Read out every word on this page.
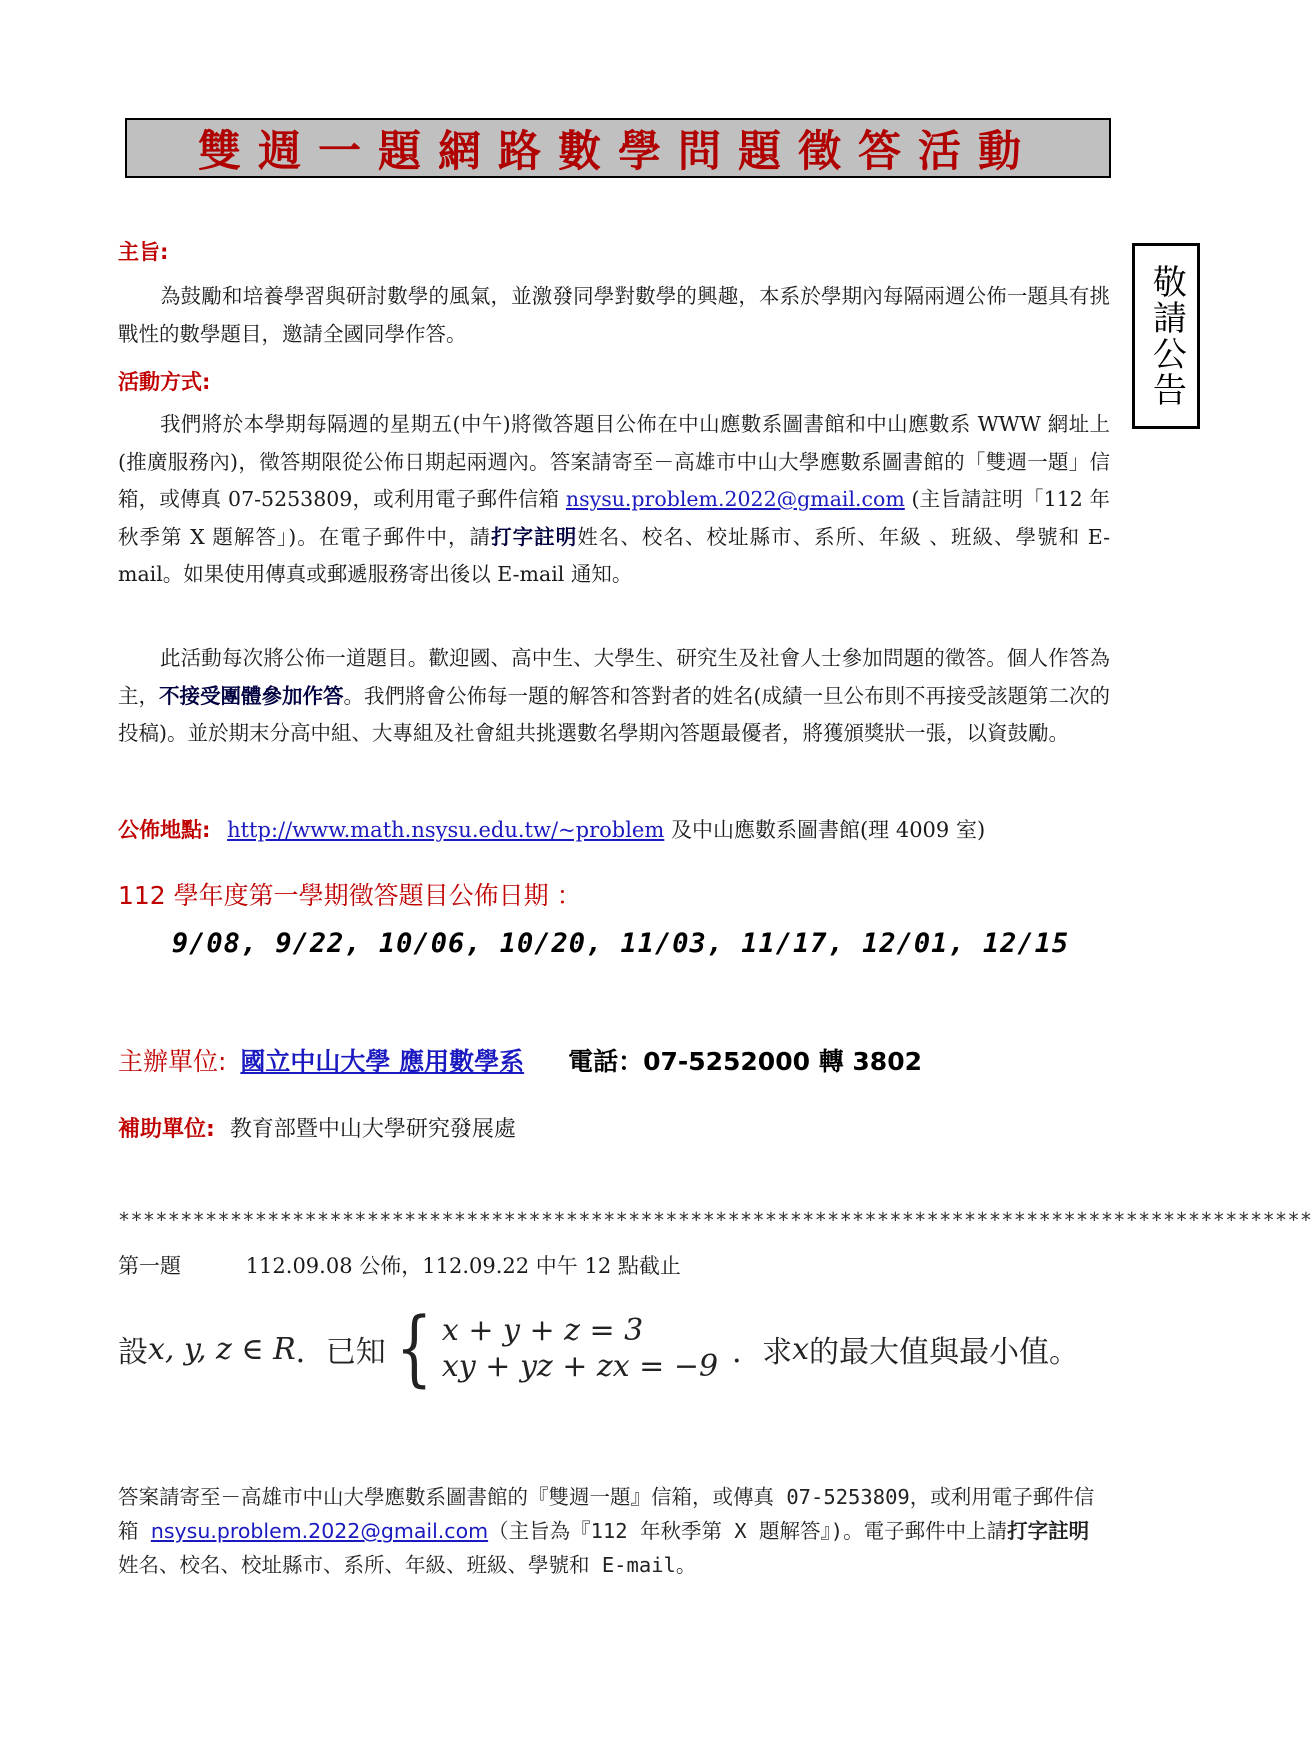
雙週一題網路數學問題徵答活動
敬請公告
主旨:

為鼓勵和培養學習與研討數學的風氣，並激發同學對數學的興趣，本系於學期內每隔兩週公佈一題具有挑戰性的數學題目，邀請全國同學作答。

活動方式:

我們將於本學期每隔週的星期五(中午)將徵答題目公佈在中山應數系圖書館和中山應數系 WWW 網址上(推廣服務內)，徵答期限從公佈日期起兩週內。答案請寄至－高雄市中山大學應數系圖書館的「雙週一題」信箱，或傳真 07-5253809，或利用電子郵件信箱 nsysu.problem.2022@gmail.com (主旨請註明「112 年秋季第 X 題解答」)。在電子郵件中，請打字註明姓名、校名、校址縣市、系所、年級 、班級、學號和 E-mail。如果使用傳真或郵遞服務寄出後以 E-mail 通知。

此活動每次將公佈一道題目。歡迎國、高中生、大學生、研究生及社會人士參加問題的徵答。個人作答為主，不接受團體參加作答。我們將會公佈每一題的解答和答對者的姓名(成績一旦公布則不再接受該題第二次的投稿)。並於期末分高中組、大專組及社會組共挑選數名學期內答題最優者，將獲頒獎狀一張，以資鼓勵。

公佈地點: http://www.math.nsysu.edu.tw/~problem 及中山應數系圖書館(理 4009 室)
112 學年度第一學期徵答題目公佈日期 ：
9/08, 9/22, 10/06, 10/20, 11/03, 11/17, 12/01, 12/15
主辦單位: 國立中山大學 應用數學系 電話：07-5252000 轉 3802
補助單位: 教育部暨中山大學研究發展處
************************************************************************************************
第一題	112.09.08 公佈，112.09.22 中午 12 點截止
設 x, y, z ∈ R ．已知 { x + y + z = 3
xy + yz + zx = −9 ．求 x 的最大值與最小值。
答案請寄至－高雄市中山大學應數系圖書館的『雙週一題』信箱，或傳真 07-5253809，或利用電子郵件信箱 nsysu.problem.2022@gmail.com（主旨為『112 年秋季第 X 題解答』)。電子郵件中上請打字註明姓名、校名、校址縣市、系所、年級、班級、學號和 E-mail。
